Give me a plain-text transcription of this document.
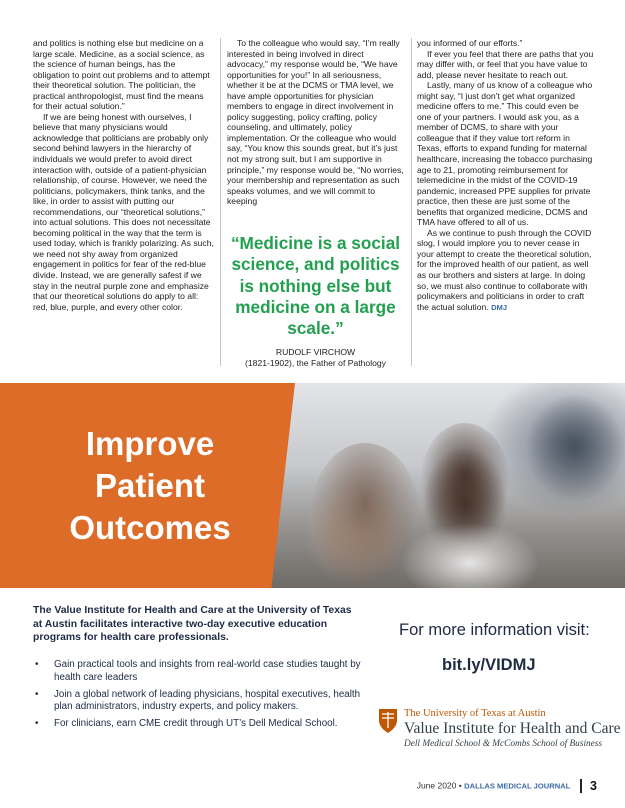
and politics is nothing else but medicine on a large scale. Medicine, as a social science, as the science of human beings, has the obligation to point out problems and to attempt their theoretical solution. The politician, the practical anthropologist, must find the means for their actual solution.”

If we are being honest with ourselves, I believe that many physicians would acknowledge that politicians are probably only second behind lawyers in the hierarchy of individuals we would prefer to avoid direct interaction with, outside of a patient-physician relationship, of course. However, we need the politicians, policymakers, think tanks, and the like, in order to assist with putting our recommendations, our “theoretical solutions,” into actual solutions. This does not necessitate becoming political in the way that the term is used today, which is frankly polarizing. As such, we need not shy away from organized engagement in politics for fear of the red-blue divide. Instead, we are generally safest if we stay in the neutral purple zone and emphasize that our theoretical solutions do apply to all: red, blue, purple, and every other color.

To the colleague who would say, “I’m really interested in being involved in direct advocacy,” my response would be, “We have opportunities for you!” In all seriousness, whether it be at the DCMS or TMA level, we have ample opportunities for physician members to engage in direct involvement in policy suggesting, policy crafting, policy counseling, and ultimately, policy implementation. Or the colleague who would say, “You know this sounds great, but it’s just not my strong suit, but I am supportive in principle,” my response would be, “No worries, your membership and representation as such speaks volumes, and we will commit to keeping

“Medicine is a social science, and politics is nothing else but medicine on a large scale.”
RUDOLF VIRCHOW
(1821-1902), the Father of Pathology

you informed of our efforts.”

If ever you feel that there are paths that you may differ with, or feel that you have value to add, please never hesitate to reach out.

Lastly, many of us know of a colleague who might say, “I just don’t get what organized medicine offers to me.” This could even be one of your partners. I would ask you, as a member of DCMS, to share with your colleague that if they value tort reform in Texas, efforts to expand funding for maternal healthcare, increasing the tobacco purchasing age to 21, promoting reimbursement for telemedicine in the midst of the COVID-19 pandemic, increased PPE supplies for private practice, then these are just some of the benefits that organized medicine, DCMS and TMA have offered to all of us.

As we continue to push through the COVID slog, I would implore you to never cease in your attempt to create the theoretical solution, for the improved health of our patient, as well as our brothers and sisters at large. In doing so, we must also continue to collaborate with policymakers and politicians in order to craft the actual solution. DMJ

Improve
Patient
Outcomes
The Value Institute for Health and Care at the University of Texas at Austin facilitates interactive two-day executive education programs for health care professionals.
• Gain practical tools and insights from real-world case studies taught by health care leaders
• Join a global network of leading physicians, hospital executives, health plan administrators, industry experts, and policy makers.
• For clinicians, earn CME credit through UT’s Dell Medical School.
For more information visit:
bit.ly/VIDMJ
The University of Texas at Austin
Value Institute for Health and Care
Dell Medical School & McCombs School of Business
June 2020 • DALLAS MEDICAL JOURNAL 3
